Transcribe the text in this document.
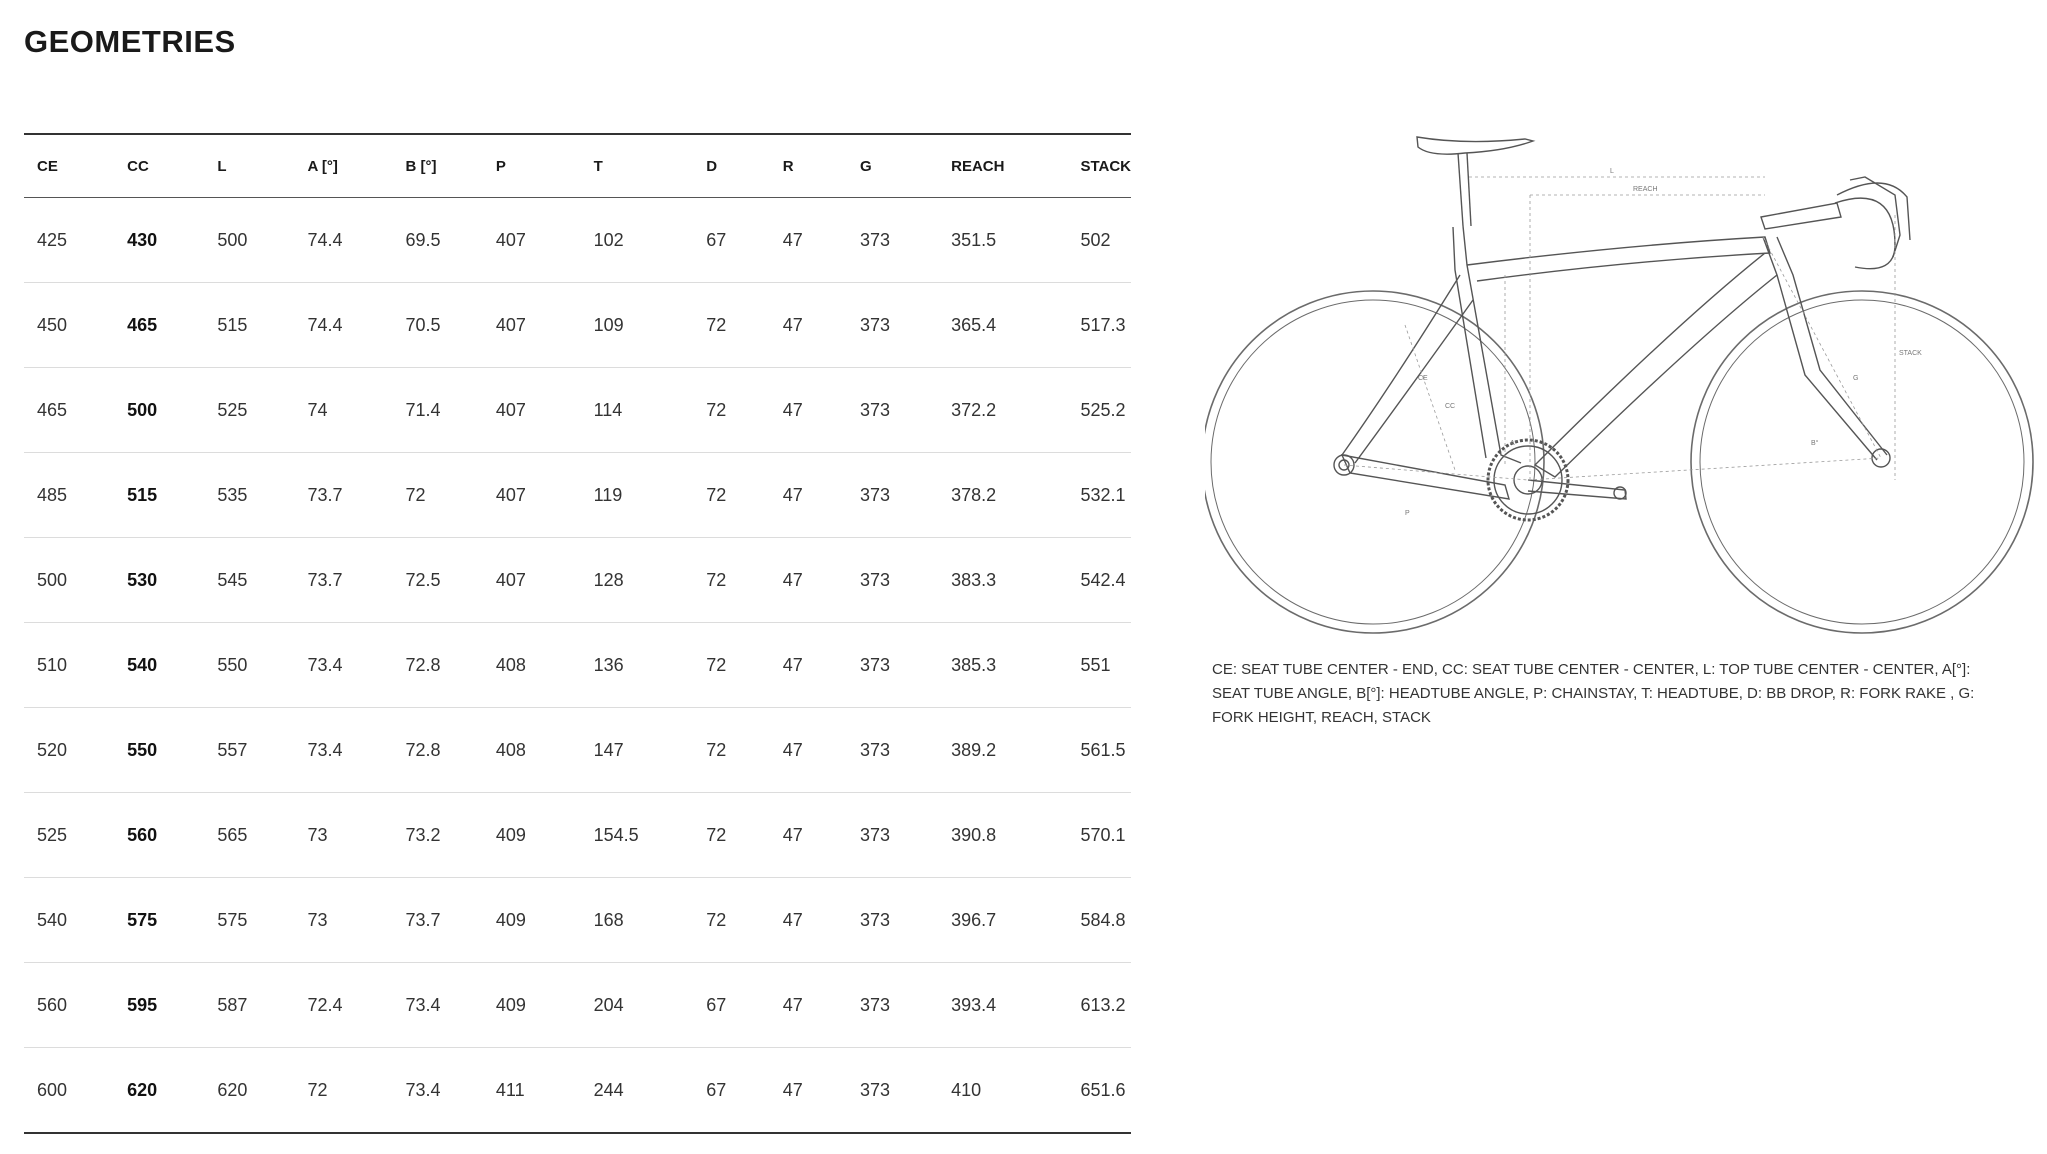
GEOMETRIES
CE	CC	L	A [°]	B [°]	P	T	D	R	G	REACH	STACK
425	430	500	74.4	69.5	407	102	67	47	373	351.5	502
450	465	515	74.4	70.5	407	109	72	47	373	365.4	517.3
465	500	525	74	71.4	407	114	72	47	373	372.2	525.2
485	515	535	73.7	72	407	119	72	47	373	378.2	532.1
500	530	545	73.7	72.5	407	128	72	47	373	383.3	542.4
510	540	550	73.4	72.8	408	136	72	47	373	385.3	551
520	550	557	73.4	72.8	408	147	72	47	373	389.2	561.5
525	560	565	73	73.2	409	154.5	72	47	373	390.8	570.1
540	575	575	73	73.7	409	168	72	47	373	396.7	584.8
560	595	587	72.4	73.4	409	204	67	47	373	393.4	613.2
600	620	620	72	73.4	411	244	67	47	373	410	651.6
L
REACH
STACK
CE
CC
G
P
A°	B°

CE: SEAT TUBE CENTER - END, CC: SEAT TUBE CENTER - CENTER, L: TOP TUBE CENTER - CENTER, A[°]: SEAT TUBE ANGLE, B[°]: HEADTUBE ANGLE, P: CHAINSTAY, T: HEADTUBE, D: BB DROP, R: FORK RAKE , G: FORK HEIGHT, REACH, STACK
